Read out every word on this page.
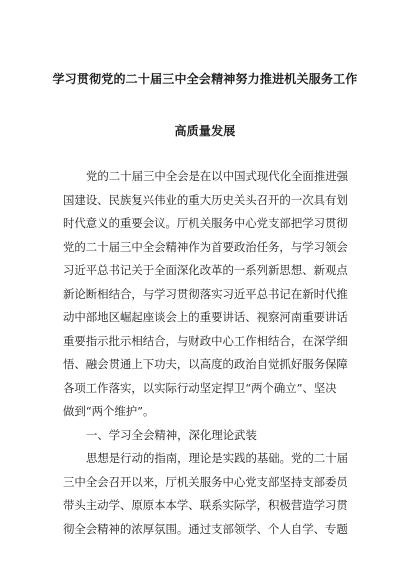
学习贯彻党的二十届三中全会精神努力推进机关服务工作
高质量发展
党的二十届三中全会是在以中国式现代化全面推进强
国建设、民族复兴伟业的重大历史关头召开的一次具有划
时代意义的重要会议。厅机关服务中心党支部把学习贯彻
党的二十届三中全会精神作为首要政治任务，与学习领会
习近平总书记关于全面深化改革的一系列新思想、新观点
新论断相结合，与学习贯彻落实习近平总书记在新时代推
动中部地区崛起座谈会上的重要讲话、视察河南重要讲话
重要指示批示相结合，与财政中心工作相结合，在深学细
悟、融会贯通上下功夫，以高度的政治自觉抓好服务保障
各项工作落实，以实际行动坚定捍卫“两个确立”、坚决
做到“两个维护”。
一、学习全会精神，深化理论武装
思想是行动的指南，理论是实践的基础。党的二十届
三中全会召开以来，厅机关服务中心党支部坚持支部委员
带头主动学、原原本本学、联系实际学，积极营造学习贯
彻全会精神的浓厚氛围。通过支部领学、个人自学、专题
